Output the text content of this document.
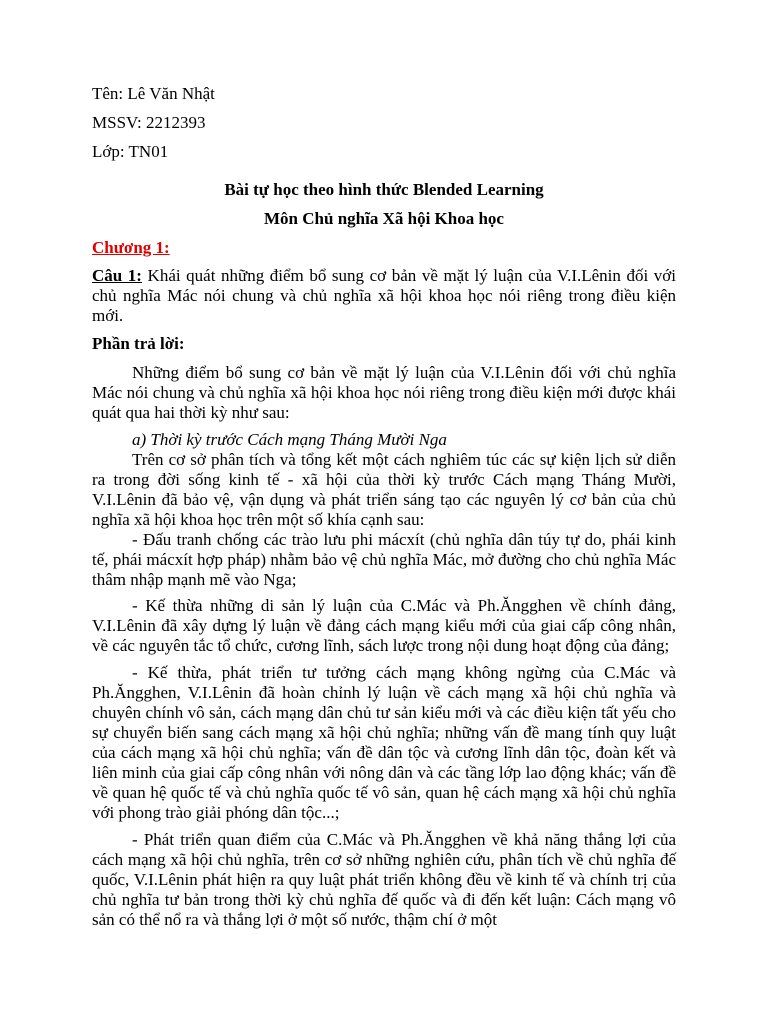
Tên: Lê Văn Nhật
MSSV: 2212393
Lớp: TN01
Bài tự học theo hình thức Blended Learning
Môn Chủ nghĩa Xã hội Khoa học
Chương 1:
Câu 1: Khái quát những điểm bổ sung cơ bản về mặt lý luận của V.I.Lênin đối với chủ nghĩa Mác nói chung và chủ nghĩa xã hội khoa học nói riêng trong điều kiện mới.
Phần trả lời:
Những điểm bổ sung cơ bản về mặt lý luận của V.I.Lênin đối với chủ nghĩa Mác nói chung và chủ nghĩa xã hội khoa học nói riêng trong điều kiện mới được khái quát qua hai thời kỳ như sau:
a) Thời kỳ trước Cách mạng Tháng Mười Nga
Trên cơ sở phân tích và tổng kết một cách nghiêm túc các sự kiện lịch sử diễn ra trong đời sống kinh tế - xã hội của thời kỳ trước Cách mạng Tháng Mười, V.I.Lênin đã bảo vệ, vận dụng và phát triển sáng tạo các nguyên lý cơ bản của chủ nghĩa xã hội khoa học trên một số khía cạnh sau:
- Đấu tranh chống các trào lưu phi mácxít (chủ nghĩa dân túy tự do, phái kinh tế, phái mácxít hợp pháp) nhằm bảo vệ chủ nghĩa Mác, mở đường cho chủ nghĩa Mác thâm nhập mạnh mẽ vào Nga;
- Kế thừa những di sản lý luận của C.Mác và Ph.Ăngghen về chính đảng, V.I.Lênin đã xây dựng lý luận về đảng cách mạng kiểu mới của giai cấp công nhân, về các nguyên tắc tổ chức, cương lĩnh, sách lược trong nội dung hoạt động của đảng;
- Kế thừa, phát triển tư tưởng cách mạng không ngừng của C.Mác và Ph.Ăngghen, V.I.Lênin đã hoàn chỉnh lý luận về cách mạng xã hội chủ nghĩa và chuyên chính vô sản, cách mạng dân chủ tư sản kiểu mới và các điều kiện tất yếu cho sự chuyển biến sang cách mạng xã hội chủ nghĩa; những vấn đề mang tính quy luật của cách mạng xã hội chủ nghĩa; vấn đề dân tộc và cương lĩnh dân tộc, đoàn kết và liên minh của giai cấp công nhân với nông dân và các tầng lớp lao động khác; vấn đề về quan hệ quốc tế và chủ nghĩa quốc tế vô sản, quan hệ cách mạng xã hội chủ nghĩa với phong trào giải phóng dân tộc...;
- Phát triển quan điểm của C.Mác và Ph.Ăngghen về khả năng thắng lợi của cách mạng xã hội chủ nghĩa, trên cơ sở những nghiên cứu, phân tích về chủ nghĩa đế quốc, V.I.Lênin phát hiện ra quy luật phát triển không đều về kinh tế và chính trị của chủ nghĩa tư bản trong thời kỳ chủ nghĩa đế quốc và đi đến kết luận: Cách mạng vô sản có thể nổ ra và thắng lợi ở một số nước, thậm chí ở một
